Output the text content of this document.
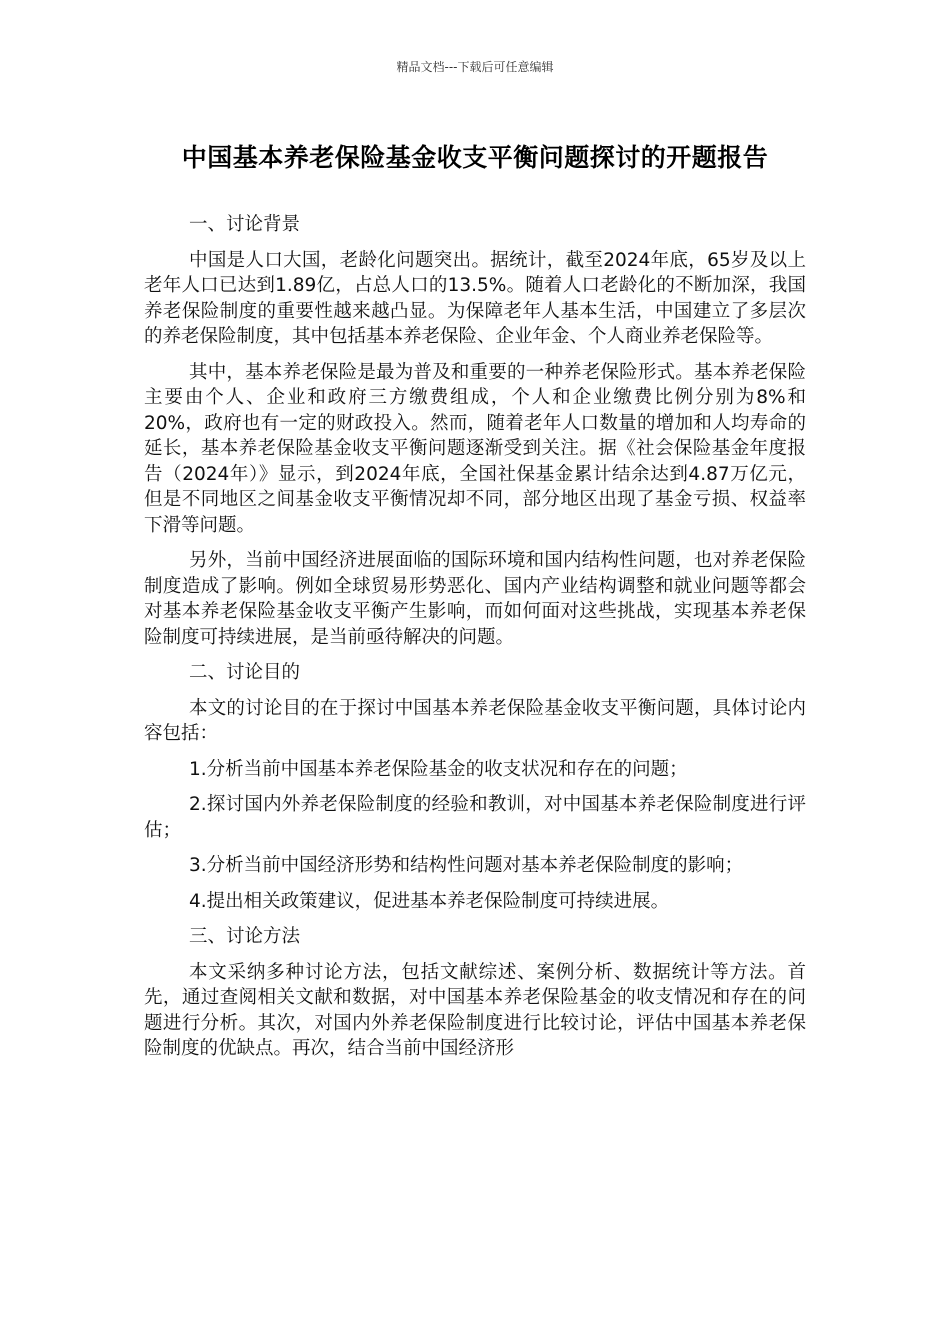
精品文档---下载后可任意编辑
中国基本养老保险基金收支平衡问题探讨的开题报告

一、讨论背景

中国是人口大国，老龄化问题突出。据统计，截至2024年底，65岁及以上老年人口已达到1.89亿，占总人口的13.5%。随着人口老龄化的不断加深，我国养老保险制度的重要性越来越凸显。为保障老年人基本生活，中国建立了多层次的养老保险制度，其中包括基本养老保险、企业年金、个人商业养老保险等。

其中，基本养老保险是最为普及和重要的一种养老保险形式。基本养老保险主要由个人、企业和政府三方缴费组成，个人和企业缴费比例分别为8%和20%，政府也有一定的财政投入。然而，随着老年人口数量的增加和人均寿命的延长，基本养老保险基金收支平衡问题逐渐受到关注。据《社会保险基金年度报告（2024年）》显示，到2024年底，全国社保基金累计结余达到4.87万亿元，但是不同地区之间基金收支平衡情况却不同，部分地区出现了基金亏损、权益率下滑等问题。

另外，当前中国经济进展面临的国际环境和国内结构性问题，也对养老保险制度造成了影响。例如全球贸易形势恶化、国内产业结构调整和就业问题等都会对基本养老保险基金收支平衡产生影响，而如何面对这些挑战，实现基本养老保险制度可持续进展，是当前亟待解决的问题。

二、讨论目的

本文的讨论目的在于探讨中国基本养老保险基金收支平衡问题，具体讨论内容包括：

1.分析当前中国基本养老保险基金的收支状况和存在的问题；

2.探讨国内外养老保险制度的经验和教训，对中国基本养老保险制度进行评估；

3.分析当前中国经济形势和结构性问题对基本养老保险制度的影响；

4.提出相关政策建议，促进基本养老保险制度可持续进展。

三、讨论方法

本文采纳多种讨论方法，包括文献综述、案例分析、数据统计等方法。首先，通过查阅相关文献和数据，对中国基本养老保险基金的收支情况和存在的问题进行分析。其次，对国内外养老保险制度进行比较讨论，评估中国基本养老保险制度的优缺点。再次，结合当前中国经济形
